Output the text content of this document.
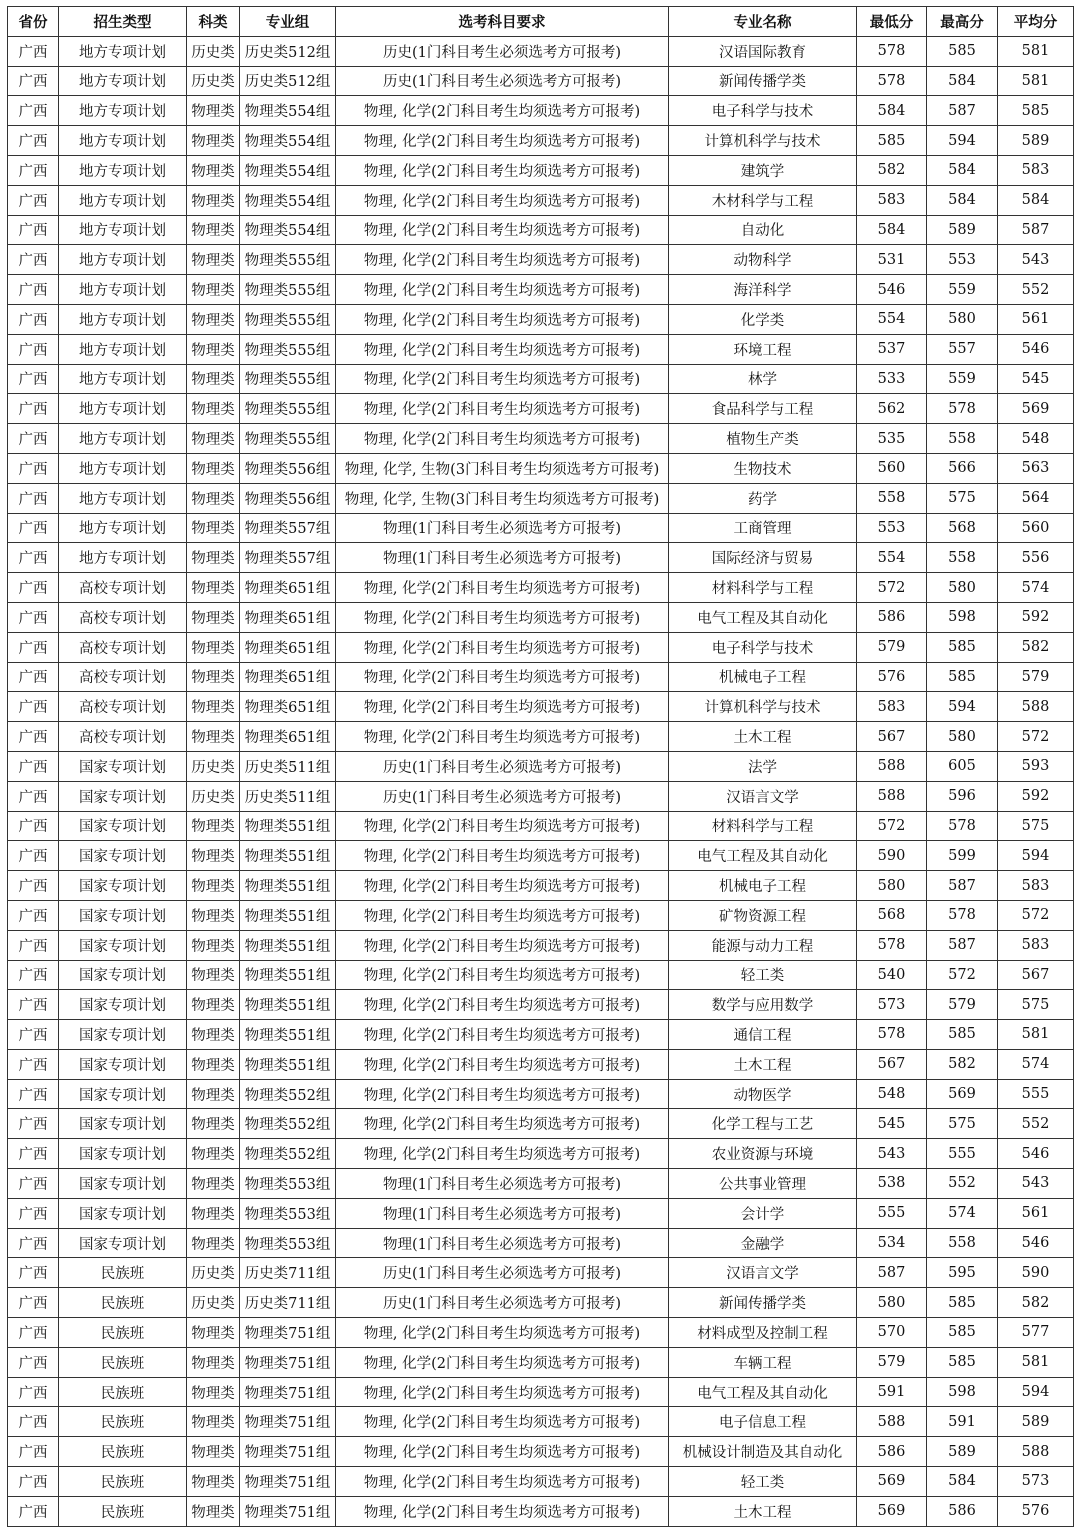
省份	招生类型	科类	专业组	选考科目要求	专业名称	最低分	最高分	平均分
广西	地方专项计划	历史类	历史类512组	历史(1门科目考生必须选考方可报考)	汉语国际教育	578	585	581
广西	地方专项计划	历史类	历史类512组	历史(1门科目考生必须选考方可报考)	新闻传播学类	578	584	581
广西	地方专项计划	物理类	物理类554组	物理, 化学(2门科目考生均须选考方可报考)	电子科学与技术	584	587	585
广西	地方专项计划	物理类	物理类554组	物理, 化学(2门科目考生均须选考方可报考)	计算机科学与技术	585	594	589
广西	地方专项计划	物理类	物理类554组	物理, 化学(2门科目考生均须选考方可报考)	建筑学	582	584	583
广西	地方专项计划	物理类	物理类554组	物理, 化学(2门科目考生均须选考方可报考)	木材科学与工程	583	584	584
广西	地方专项计划	物理类	物理类554组	物理, 化学(2门科目考生均须选考方可报考)	自动化	584	589	587
广西	地方专项计划	物理类	物理类555组	物理, 化学(2门科目考生均须选考方可报考)	动物科学	531	553	543
广西	地方专项计划	物理类	物理类555组	物理, 化学(2门科目考生均须选考方可报考)	海洋科学	546	559	552
广西	地方专项计划	物理类	物理类555组	物理, 化学(2门科目考生均须选考方可报考)	化学类	554	580	561
广西	地方专项计划	物理类	物理类555组	物理, 化学(2门科目考生均须选考方可报考)	环境工程	537	557	546
广西	地方专项计划	物理类	物理类555组	物理, 化学(2门科目考生均须选考方可报考)	林学	533	559	545
广西	地方专项计划	物理类	物理类555组	物理, 化学(2门科目考生均须选考方可报考)	食品科学与工程	562	578	569
广西	地方专项计划	物理类	物理类555组	物理, 化学(2门科目考生均须选考方可报考)	植物生产类	535	558	548
广西	地方专项计划	物理类	物理类556组	物理, 化学, 生物(3门科目考生均须选考方可报考)	生物技术	560	566	563
广西	地方专项计划	物理类	物理类556组	物理, 化学, 生物(3门科目考生均须选考方可报考)	药学	558	575	564
广西	地方专项计划	物理类	物理类557组	物理(1门科目考生必须选考方可报考)	工商管理	553	568	560
广西	地方专项计划	物理类	物理类557组	物理(1门科目考生必须选考方可报考)	国际经济与贸易	554	558	556
广西	高校专项计划	物理类	物理类651组	物理, 化学(2门科目考生均须选考方可报考)	材料科学与工程	572	580	574
广西	高校专项计划	物理类	物理类651组	物理, 化学(2门科目考生均须选考方可报考)	电气工程及其自动化	586	598	592
广西	高校专项计划	物理类	物理类651组	物理, 化学(2门科目考生均须选考方可报考)	电子科学与技术	579	585	582
广西	高校专项计划	物理类	物理类651组	物理, 化学(2门科目考生均须选考方可报考)	机械电子工程	576	585	579
广西	高校专项计划	物理类	物理类651组	物理, 化学(2门科目考生均须选考方可报考)	计算机科学与技术	583	594	588
广西	高校专项计划	物理类	物理类651组	物理, 化学(2门科目考生均须选考方可报考)	土木工程	567	580	572
广西	国家专项计划	历史类	历史类511组	历史(1门科目考生必须选考方可报考)	法学	588	605	593
广西	国家专项计划	历史类	历史类511组	历史(1门科目考生必须选考方可报考)	汉语言文学	588	596	592
广西	国家专项计划	物理类	物理类551组	物理, 化学(2门科目考生均须选考方可报考)	材料科学与工程	572	578	575
广西	国家专项计划	物理类	物理类551组	物理, 化学(2门科目考生均须选考方可报考)	电气工程及其自动化	590	599	594
广西	国家专项计划	物理类	物理类551组	物理, 化学(2门科目考生均须选考方可报考)	机械电子工程	580	587	583
广西	国家专项计划	物理类	物理类551组	物理, 化学(2门科目考生均须选考方可报考)	矿物资源工程	568	578	572
广西	国家专项计划	物理类	物理类551组	物理, 化学(2门科目考生均须选考方可报考)	能源与动力工程	578	587	583
广西	国家专项计划	物理类	物理类551组	物理, 化学(2门科目考生均须选考方可报考)	轻工类	540	572	567
广西	国家专项计划	物理类	物理类551组	物理, 化学(2门科目考生均须选考方可报考)	数学与应用数学	573	579	575
广西	国家专项计划	物理类	物理类551组	物理, 化学(2门科目考生均须选考方可报考)	通信工程	578	585	581
广西	国家专项计划	物理类	物理类551组	物理, 化学(2门科目考生均须选考方可报考)	土木工程	567	582	574
广西	国家专项计划	物理类	物理类552组	物理, 化学(2门科目考生均须选考方可报考)	动物医学	548	569	555
广西	国家专项计划	物理类	物理类552组	物理, 化学(2门科目考生均须选考方可报考)	化学工程与工艺	545	575	552
广西	国家专项计划	物理类	物理类552组	物理, 化学(2门科目考生均须选考方可报考)	农业资源与环境	543	555	546
广西	国家专项计划	物理类	物理类553组	物理(1门科目考生必须选考方可报考)	公共事业管理	538	552	543
广西	国家专项计划	物理类	物理类553组	物理(1门科目考生必须选考方可报考)	会计学	555	574	561
广西	国家专项计划	物理类	物理类553组	物理(1门科目考生必须选考方可报考)	金融学	534	558	546
广西	民族班	历史类	历史类711组	历史(1门科目考生必须选考方可报考)	汉语言文学	587	595	590
广西	民族班	历史类	历史类711组	历史(1门科目考生必须选考方可报考)	新闻传播学类	580	585	582
广西	民族班	物理类	物理类751组	物理, 化学(2门科目考生均须选考方可报考)	材料成型及控制工程	570	585	577
广西	民族班	物理类	物理类751组	物理, 化学(2门科目考生均须选考方可报考)	车辆工程	579	585	581
广西	民族班	物理类	物理类751组	物理, 化学(2门科目考生均须选考方可报考)	电气工程及其自动化	591	598	594
广西	民族班	物理类	物理类751组	物理, 化学(2门科目考生均须选考方可报考)	电子信息工程	588	591	589
广西	民族班	物理类	物理类751组	物理, 化学(2门科目考生均须选考方可报考)	机械设计制造及其自动化	586	589	588
广西	民族班	物理类	物理类751组	物理, 化学(2门科目考生均须选考方可报考)	轻工类	569	584	573
广西	民族班	物理类	物理类751组	物理, 化学(2门科目考生均须选考方可报考)	土木工程	569	586	576
